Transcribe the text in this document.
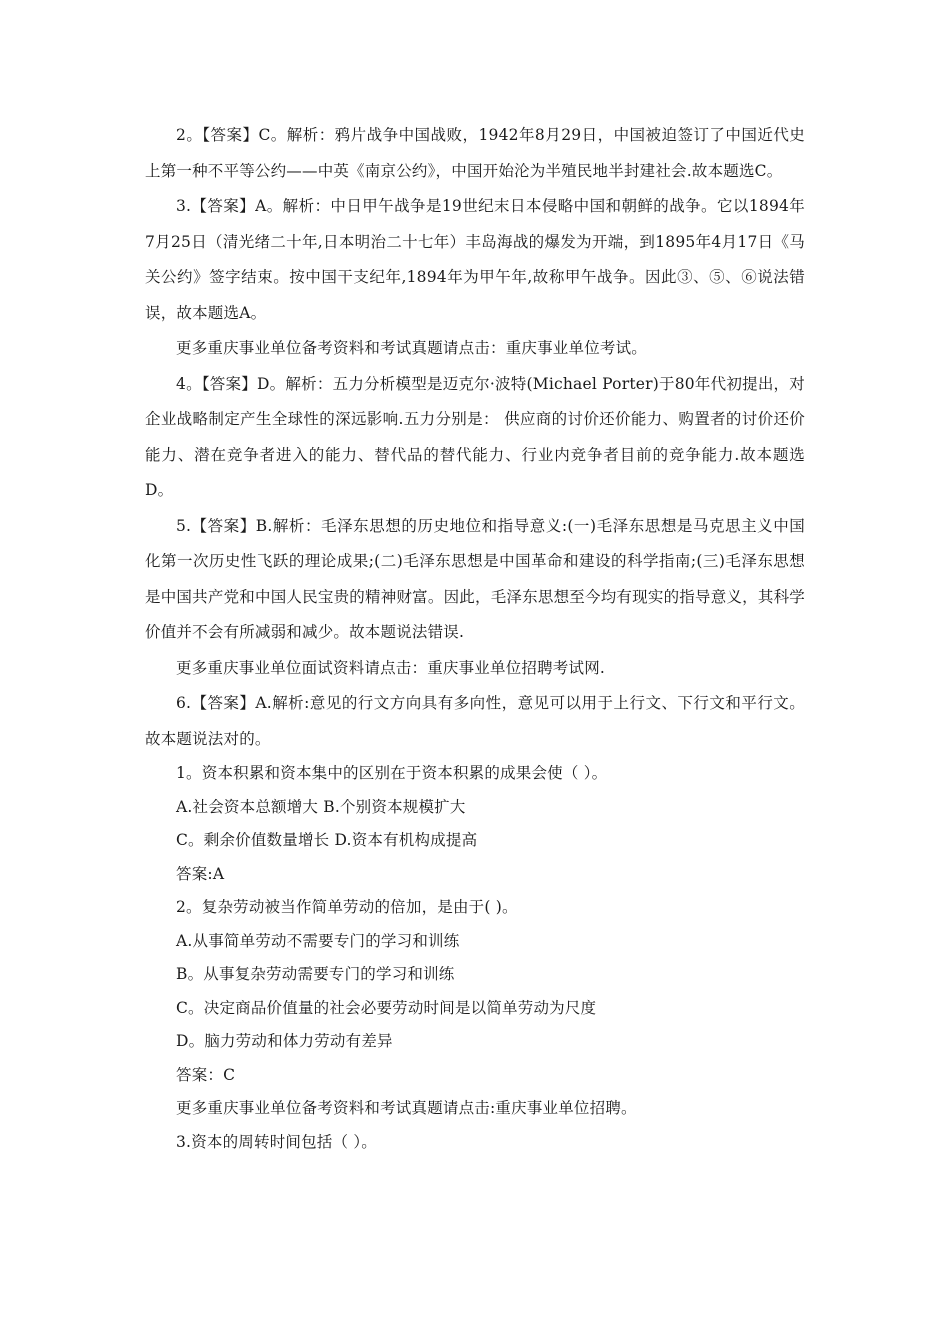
2。【答案】C。解析：鸦片战争中国战败，1942年8月29日，中国被迫签订了中国近代史上第一种不平等公约——中英《南京公约》，中国开始沦为半殖民地半封建社会.故本题选C。

3.【答案】A。解析：中日甲午战争是19世纪末日本侵略中国和朝鲜的战争。它以1894年7月25日（清光绪二十年,日本明治二十七年）丰岛海战的爆发为开端，到1895年4月17日《马关公约》签字结束。按中国干支纪年,1894年为甲午年,故称甲午战争。因此③、⑤、⑥说法错误，故本题选A。

更多重庆事业单位备考资料和考试真题请点击：重庆事业单位考试。

4。【答案】D。解析：五力分析模型是迈克尔·波特(Michael Porter)于80年代初提出，对企业战略制定产生全球性的深远影响.五力分别是： 供应商的讨价还价能力、购置者的讨价还价能力、潜在竞争者进入的能力、替代品的替代能力、行业内竞争者目前的竞争能力.故本题选D。

5.【答案】B.解析：毛泽东思想的历史地位和指导意义:(一)毛泽东思想是马克思主义中国化第一次历史性飞跃的理论成果;(二)毛泽东思想是中国革命和建设的科学指南;(三)毛泽东思想是中国共产党和中国人民宝贵的精神财富。因此，毛泽东思想至今均有现实的指导意义，其科学价值并不会有所减弱和减少。故本题说法错误.

更多重庆事业单位面试资料请点击：重庆事业单位招聘考试网.

6.【答案】A.解析:意见的行文方向具有多向性，意见可以用于上行文、下行文和平行文。故本题说法对的。

1。资本积累和资本集中的区别在于资本积累的成果会使（ ）。

A.社会资本总额增大 B.个别资本规模扩大

C。剩余价值数量增长 D.资本有机构成提高

答案:A

2。复杂劳动被当作简单劳动的倍加，是由于( )。

A.从事简单劳动不需要专门的学习和训练

B。从事复杂劳动需要专门的学习和训练

C。决定商品价值量的社会必要劳动时间是以简单劳动为尺度

D。脑力劳动和体力劳动有差异

答案：C

更多重庆事业单位备考资料和考试真题请点击:重庆事业单位招聘。

3.资本的周转时间包括（ ）。
